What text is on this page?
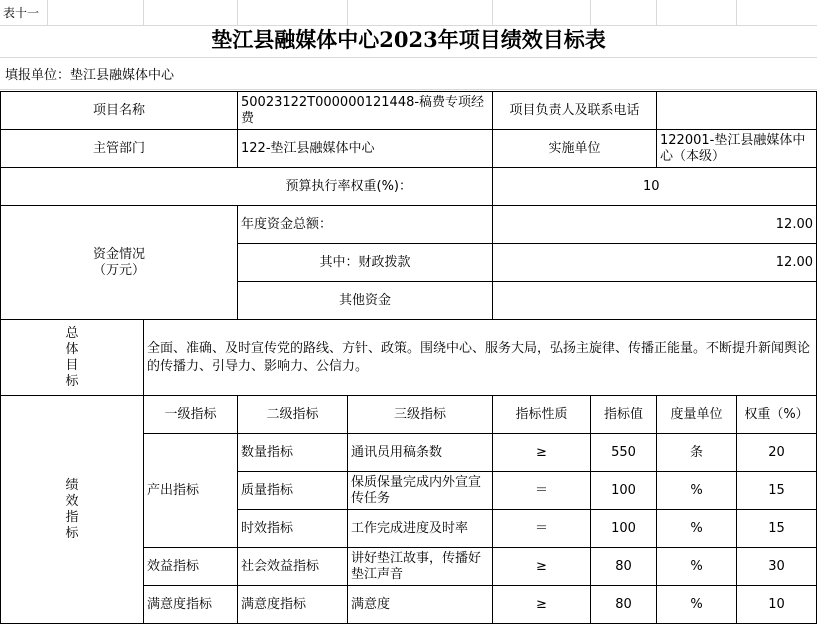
表十一
垫江县融媒体中心2023年项目绩效目标表
填报单位：垫江县融媒体中心
项目名称		50023122T000000121448-稿费专项经费		项目负责人及联系电话			
主管部门		122-垫江县融媒体中心		实施单位		122001-垫江县融媒体中心（本级）	
预算执行率权重(%)：				10			

资金情况
（万元）		年度资金总额：		12.00			
		其中：财政拨款		12.00			
		其他资金					

总
体
目
标	全面、准确、及时宣传党的路线、方针、政策。围绕中心、服务大局，弘扬主旋律、传播正能量。不断提升新闻舆论的传播力、引导力、影响力、公信力。						

绩
效
指
标	一级指标	二级指标	三级指标	指标性质	指标值	度量单位	权重（%）
	产出指标	数量指标	通讯员用稿条数	≥	550	条	20
		质量指标	保质保量完成内外宣宣传任务	＝	100	%	15
		时效指标	工作完成进度及时率	＝	100	%	15
	效益指标	社会效益指标	讲好垫江故事，传播好垫江声音	≥	80	%	30
	满意度指标	满意度指标	满意度	≥	80	%	10
